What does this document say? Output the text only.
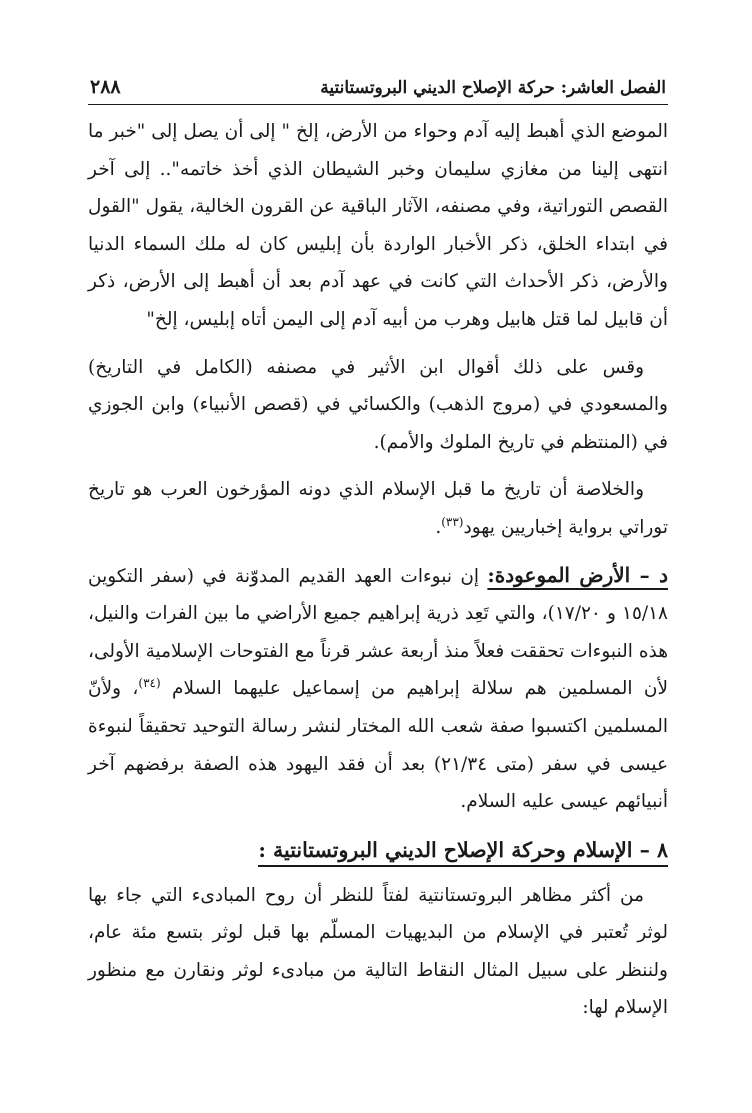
الفصل العاشر: حركة الإصلاح الديني البروتستانتية
٢٨٨

الموضع الذي أهبط إليه آدم وحواء من الأرض، إلخ " إلى أن يصل إلى "خبر ما انتهى إلينا من مغازي سليمان وخبر الشيطان الذي أخذ خاتمه".. إلى آخر القصص التوراتية، وفي مصنفه، الآثار الباقية عن القرون الخالية، يقول "القول في ابتداء الخلق، ذكر الأخبار الواردة بأن إبليس كان له ملك السماء الدنيا والأرض، ذكر الأحداث التي كانت في عهد آدم بعد أن أهبط إلى الأرض، ذكر أن قابيل لما قتل هابيل وهرب من أبيه آدم إلى اليمن أتاه إبليس، إلخ"

وقس على ذلك أقوال ابن الأثير في مصنفه (الكامل في التاريخ) والمسعودي في (مروج الذهب) والكسائي في (قصص الأنبياء) وابن الجوزي في (المنتظم في تاريخ الملوك والأمم).

والخلاصة أن تاريخ ما قبل الإسلام الذي دونه المؤرخون العرب هو تاريخ توراتي برواية إخباريين يهود$^{(٣٣)}$.

د – الأرض الموعودة: إن نبوءات العهد القديم المدوّنة في (سفر التكوين ١٥/١٨ و ١٧/٢٠)، والتي تَعِد ذرية إبراهيم جميع الأراضي ما بين الفرات والنيل، هذه النبوءات تحققت فعلاً منذ أربعة عشر قرناً مع الفتوحات الإسلامية الأولى، لأن المسلمين هم سلالة إبراهيم من إسماعيل عليهما السلام $^{(٣٤)}$، ولأنّ المسلمين اكتسبوا صفة شعب الله المختار لنشر رسالة التوحيد تحقيقاً لنبوءة عيسى في سفر (متى ٢١/٣٤) بعد أن فقد اليهود هذه الصفة برفضهم آخر أنبيائهم عيسى عليه السلام.

٨ – الإسلام وحركة الإصلاح الديني البروتستانتية :

من أكثر مظاهر البروتستانتية لفتاً للنظر أن روح المبادىء التي جاء بها لوثر تُعتبر في الإسلام من البديهيات المسلّم بها قبل لوثر بتسع مئة عام، ولننظر على سبيل المثال النقاط التالية من مبادىء لوثر ونقارن مع منظور الإسلام لها:
